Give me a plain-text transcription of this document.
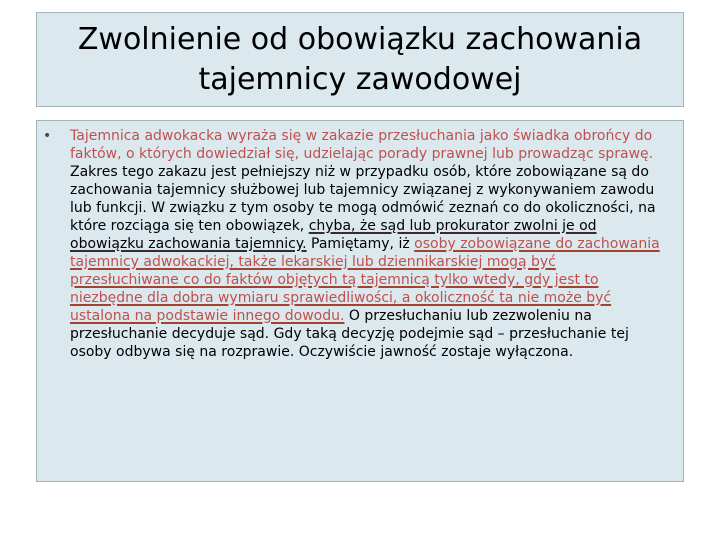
Zwolnienie od obowiązku zachowania tajemnicy zawodowej
• Tajemnica adwokacka wyraża się w zakazie przesłuchania jako świadka obrońcy do faktów, o których dowiedział się, udzielając porady prawnej lub prowadząc sprawę. Zakres tego zakazu jest pełniejszy niż w przypadku osób, które zobowiązane są do zachowania tajemnicy służbowej lub tajemnicy związanej z wykonywaniem zawodu lub funkcji. W związku z tym osoby te mogą odmówić zeznań co do okoliczności, na które rozciąga się ten obowiązek, chyba, że sąd lub prokurator zwolni je od obowiązku zachowania tajemnicy. Pamiętamy, iż osoby zobowiązane do zachowania tajemnicy adwokackiej, także lekarskiej lub dziennikarskiej mogą być przesłuchiwane co do faktów objętych tą tajemnicą tylko wtedy, gdy jest to niezbędne dla dobra wymiaru sprawiedliwości, a okoliczność ta nie może być ustalona na podstawie innego dowodu. O przesłuchaniu lub zezwoleniu na przesłuchanie decyduje sąd. Gdy taką decyzję podejmie sąd – przesłuchanie tej osoby odbywa się na rozprawie. Oczywiście jawność zostaje wyłączona.
